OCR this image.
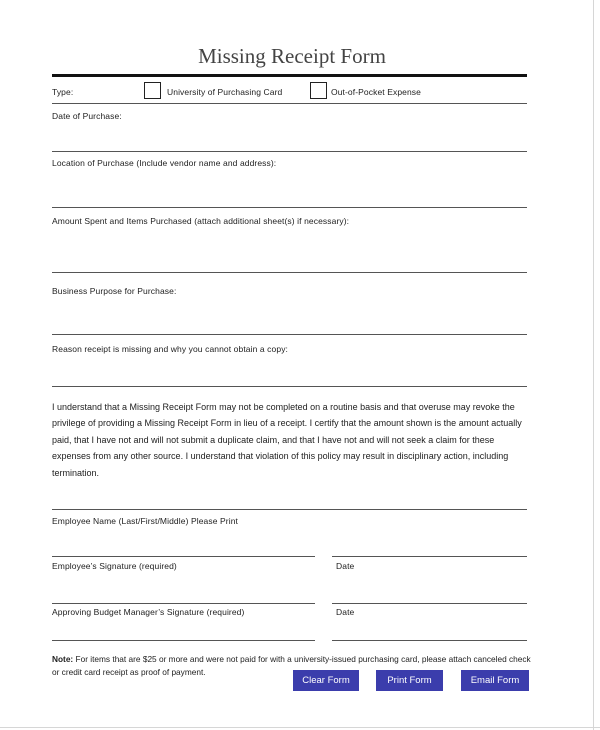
Missing Receipt Form
Type:	University of Purchasing Card	Out-of-Pocket Expense
Date of Purchase:
Location of Purchase (Include vendor name and address):
Amount Spent and Items Purchased (attach additional sheet(s) if necessary):
Business Purpose for Purchase:
Reason receipt is missing and why you cannot obtain a copy:
I understand that a Missing Receipt Form may not be completed on a routine basis and that overuse may revoke the privilege of providing a Missing Receipt Form in lieu of a receipt. I certify that the amount shown is the amount actually paid, that I have not and will not submit a duplicate claim, and that I have not and will not seek a claim for these expenses from any other source. I understand that violation of this policy may result in disciplinary action, including termination.
Employee Name (Last/First/Middle) Please Print
Employee’s Signature (required)	Date
Approving Budget Manager’s Signature (required)	Date
Note: For items that are $25 or more and were not paid for with a university-issued purchasing card, please attach canceled check or credit card receipt as proof of payment.
Clear Form	Print Form	Email Form
